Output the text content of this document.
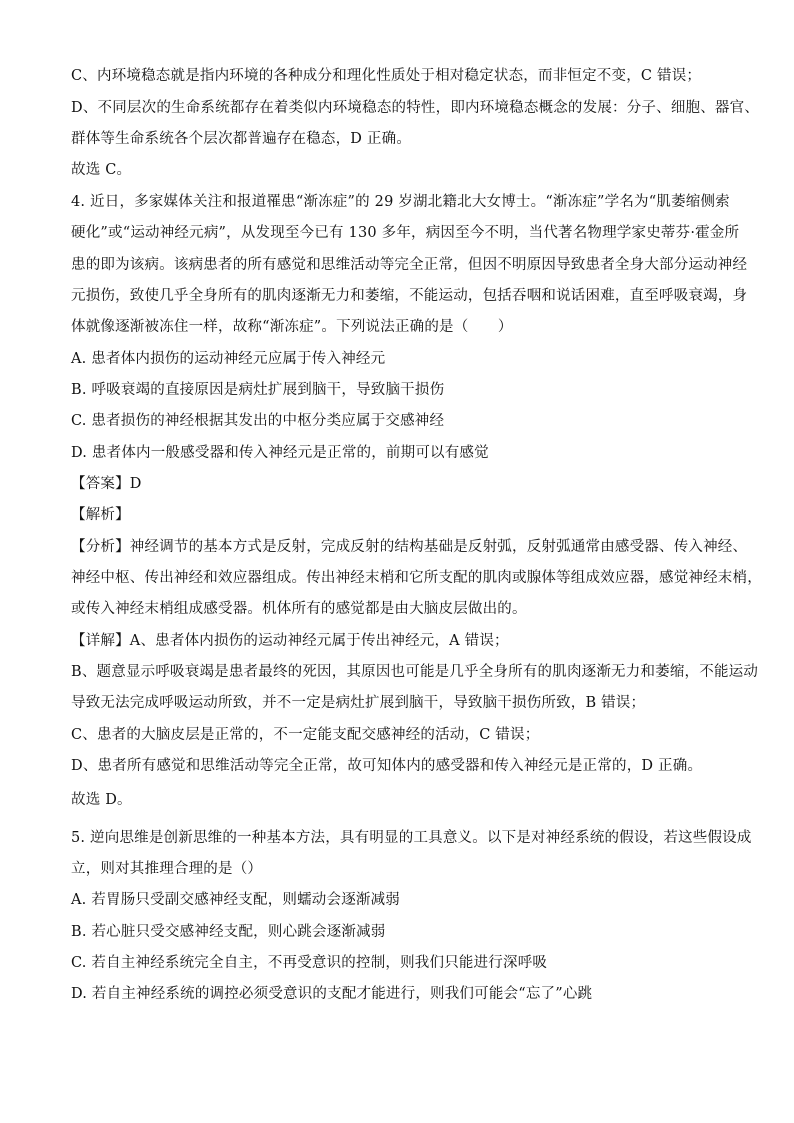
C、内环境稳态就是指内环境的各种成分和理化性质处于相对稳定状态，而非恒定不变，C 错误；
D、不同层次的生命系统都存在着类似内环境稳态的特性，即内环境稳态概念的发展：分子、细胞、器官、
群体等生命系统各个层次都普遍存在稳态，D 正确。
故选 C。
4. 近日，多家媒体关注和报道罹患“渐冻症”的 29 岁湖北籍北大女博士。“渐冻症”学名为“肌萎缩侧索
硬化”或“运动神经元病”，从发现至今已有 130 多年，病因至今不明，当代著名物理学家史蒂芬·霍金所
患的即为该病。该病患者的所有感觉和思维活动等完全正常，但因不明原因导致患者全身大部分运动神经
元损伤，致使几乎全身所有的肌肉逐渐无力和萎缩，不能运动，包括吞咽和说话困难，直至呼吸衰竭，身
体就像逐渐被冻住一样，故称“渐冻症”。下列说法正确的是（　　）
A. 患者体内损伤的运动神经元应属于传入神经元
B. 呼吸衰竭的直接原因是病灶扩展到脑干，导致脑干损伤
C. 患者损伤的神经根据其发出的中枢分类应属于交感神经
D. 患者体内一般感受器和传入神经元是正常的，前期可以有感觉
【答案】D
【解析】
【分析】神经调节的基本方式是反射，完成反射的结构基础是反射弧，反射弧通常由感受器、传入神经、
神经中枢、传出神经和效应器组成。传出神经末梢和它所支配的肌肉或腺体等组成效应器，感觉神经末梢，
或传入神经末梢组成感受器。机体所有的感觉都是由大脑皮层做出的。
【详解】A、患者体内损伤的运动神经元属于传出神经元，A 错误；
B、题意显示呼吸衰竭是患者最终的死因，其原因也可能是几乎全身所有的肌肉逐渐无力和萎缩，不能运动
导致无法完成呼吸运动所致，并不一定是病灶扩展到脑干，导致脑干损伤所致，B 错误；
C、患者的大脑皮层是正常的，不一定能支配交感神经的活动，C 错误；
D、患者所有感觉和思维活动等完全正常，故可知体内的感受器和传入神经元是正常的，D 正确。
故选 D。
5. 逆向思维是创新思维的一种基本方法，具有明显的工具意义。以下是对神经系统的假设，若这些假设成
立，则对其推理合理的是（）
A. 若胃肠只受副交感神经支配，则蠕动会逐渐减弱
B. 若心脏只受交感神经支配，则心跳会逐渐减弱
C. 若自主神经系统完全自主，不再受意识的控制，则我们只能进行深呼吸
D. 若自主神经系统的调控必须受意识的支配才能进行，则我们可能会“忘了”心跳
